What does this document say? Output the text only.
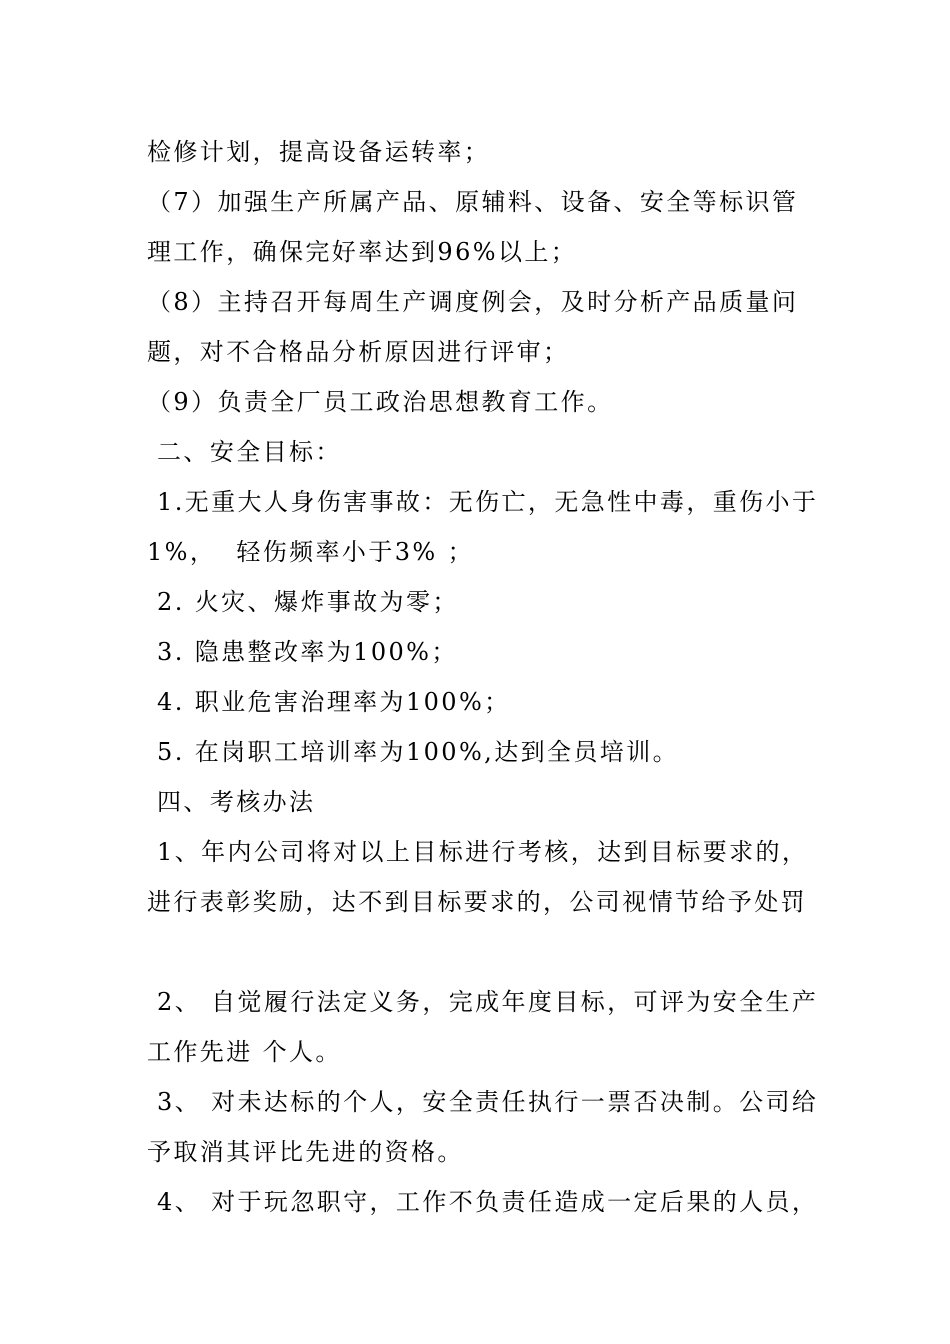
检修计划，提高设备运转率；
（7）加强生产所属产品、原辅料、设备、安全等标识管
理工作，确保完好率达到96%以上；
（8）主持召开每周生产调度例会，及时分析产品质量问
题，对不合格品分析原因进行评审；
（9）负责全厂员工政治思想教育工作。
二、安全目标：
1.无重大人身伤害事故：无伤亡，无急性中毒，重伤小于
1%，  轻伤频率小于3% ；
2. 火灾、爆炸事故为零；
3. 隐患整改率为100%；
4. 职业危害治理率为100%；
5. 在岗职工培训率为100%,达到全员培训。
四、考核办法
1、年内公司将对以上目标进行考核，达到目标要求的，
进行表彰奖励，达不到目标要求的，公司视情节给予处罚
2、 自觉履行法定义务，完成年度目标，可评为安全生产
工作先进 个人。
3、 对未达标的个人，安全责任执行一票否决制。公司给
予取消其评比先进的资格。
4、 对于玩忽职守，工作不负责任造成一定后果的人员，
